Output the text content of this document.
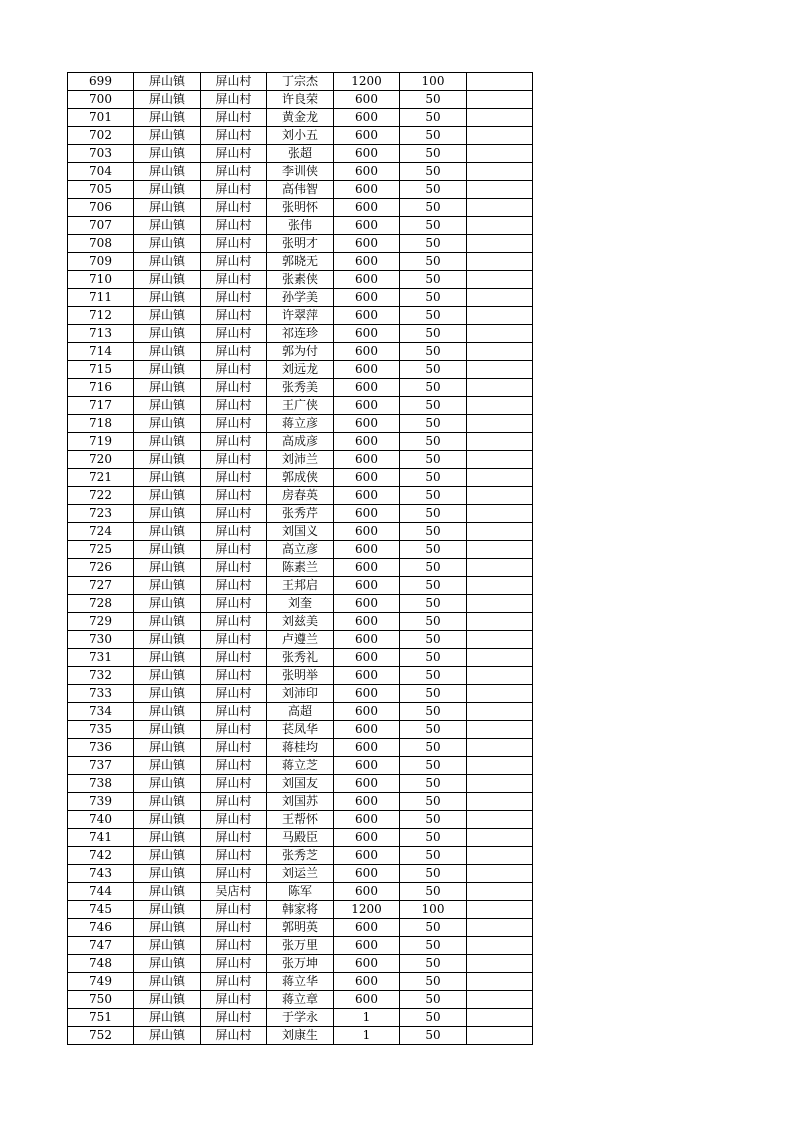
699	屏山镇	屏山村	丁宗杰	1200	100	
700	屏山镇	屏山村	许良荣	600	50	
701	屏山镇	屏山村	黄金龙	600	50	
702	屏山镇	屏山村	刘小五	600	50	
703	屏山镇	屏山村	张超	600	50	
704	屏山镇	屏山村	李训侠	600	50	
705	屏山镇	屏山村	高伟智	600	50	
706	屏山镇	屏山村	张明怀	600	50	
707	屏山镇	屏山村	张伟	600	50	
708	屏山镇	屏山村	张明才	600	50	
709	屏山镇	屏山村	郭晓无	600	50	
710	屏山镇	屏山村	张素侠	600	50	
711	屏山镇	屏山村	孙学美	600	50	
712	屏山镇	屏山村	许翠萍	600	50	
713	屏山镇	屏山村	祁连珍	600	50	
714	屏山镇	屏山村	郭为付	600	50	
715	屏山镇	屏山村	刘远龙	600	50	
716	屏山镇	屏山村	张秀美	600	50	
717	屏山镇	屏山村	王广侠	600	50	
718	屏山镇	屏山村	蒋立彦	600	50	
719	屏山镇	屏山村	高成彦	600	50	
720	屏山镇	屏山村	刘沛兰	600	50	
721	屏山镇	屏山村	郭成侠	600	50	
722	屏山镇	屏山村	房春英	600	50	
723	屏山镇	屏山村	张秀芹	600	50	
724	屏山镇	屏山村	刘国义	600	50	
725	屏山镇	屏山村	高立彦	600	50	
726	屏山镇	屏山村	陈素兰	600	50	
727	屏山镇	屏山村	王邦启	600	50	
728	屏山镇	屏山村	刘奎	600	50	
729	屏山镇	屏山村	刘兹美	600	50	
730	屏山镇	屏山村	卢遵兰	600	50	
731	屏山镇	屏山村	张秀礼	600	50	
732	屏山镇	屏山村	张明举	600	50	
733	屏山镇	屏山村	刘沛印	600	50	
734	屏山镇	屏山村	高超	600	50	
735	屏山镇	屏山村	苌凤华	600	50	
736	屏山镇	屏山村	蒋桂均	600	50	
737	屏山镇	屏山村	蒋立芝	600	50	
738	屏山镇	屏山村	刘国友	600	50	
739	屏山镇	屏山村	刘国苏	600	50	
740	屏山镇	屏山村	王帮怀	600	50	
741	屏山镇	屏山村	马殿臣	600	50	
742	屏山镇	屏山村	张秀芝	600	50	
743	屏山镇	屏山村	刘运兰	600	50	
744	屏山镇	吴店村	陈军	600	50	
745	屏山镇	屏山村	韩家将	1200	100	
746	屏山镇	屏山村	郭明英	600	50	
747	屏山镇	屏山村	张万里	600	50	
748	屏山镇	屏山村	张万坤	600	50	
749	屏山镇	屏山村	蒋立华	600	50	
750	屏山镇	屏山村	蒋立章	600	50	
751	屏山镇	屏山村	于学永	1	50	
752	屏山镇	屏山村	刘康生	1	50	
